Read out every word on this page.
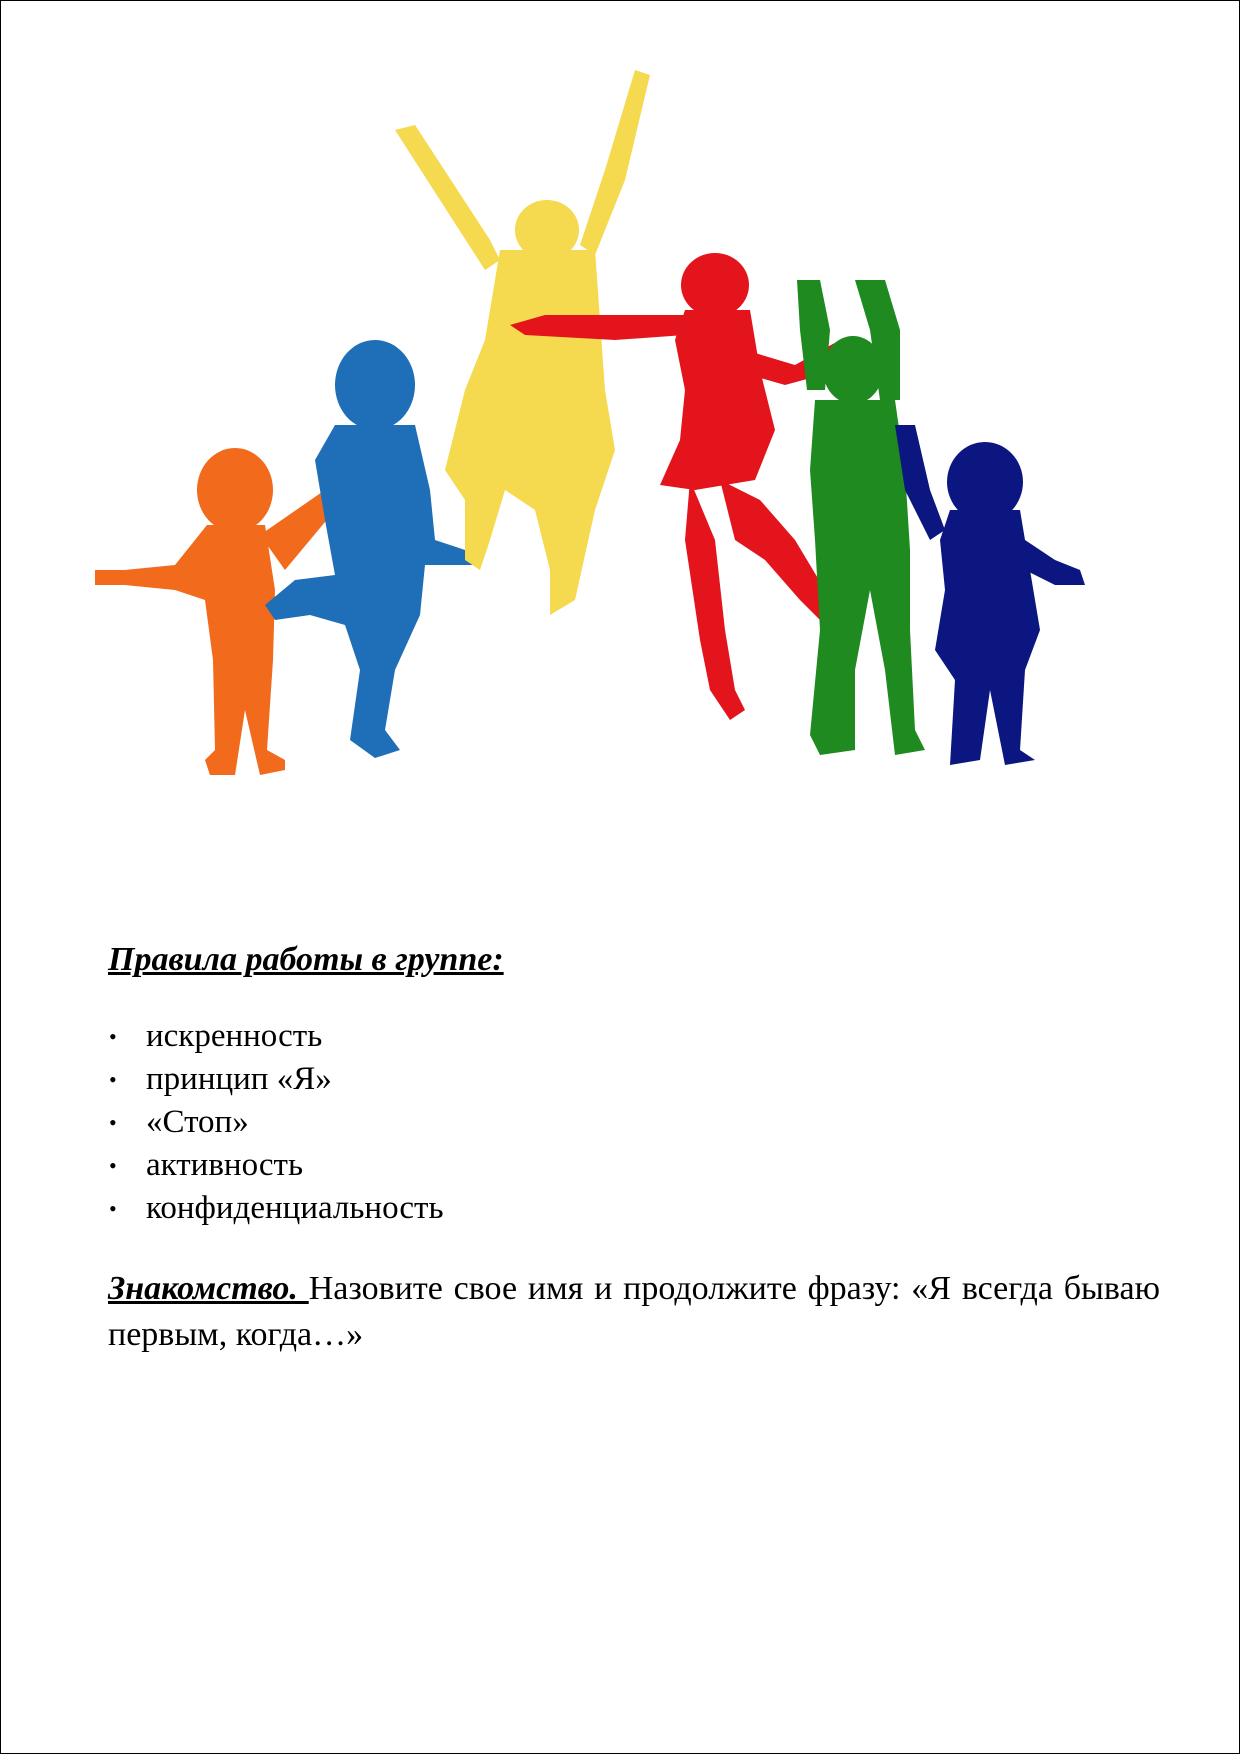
Правила работы в группе:
• искренность
• принцип «Я»
• «Стоп»
• активность
• конфиденциальность

Знакомство. Назовите свое имя и продолжите фразу: «Я всегда бываю первым, когда…»
